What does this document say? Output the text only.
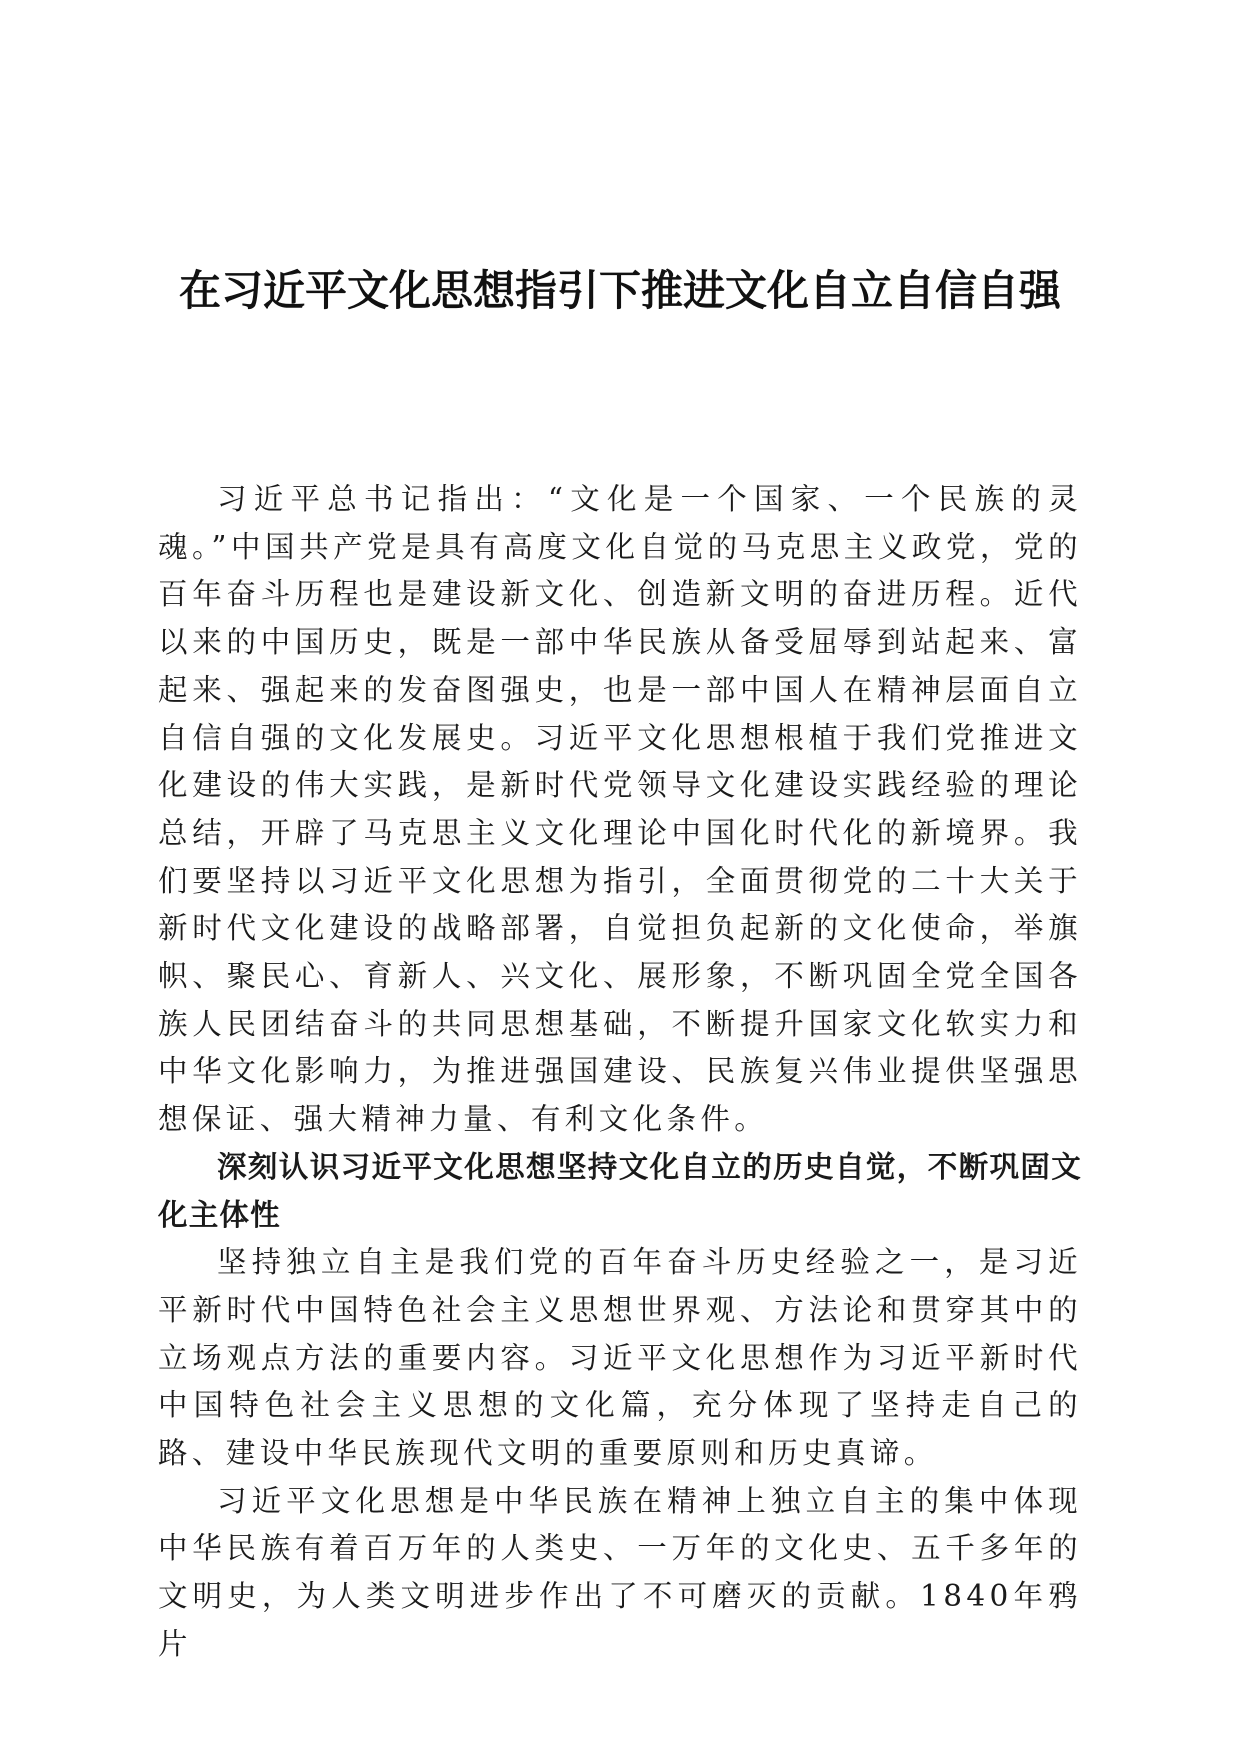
在习近平文化思想指引下推进文化自立自信自强

习近平总书记指出：“文化是一个国家、一个民族的灵魂。”中国共产党是具有高度文化自觉的马克思主义政党，党的百年奋斗历程也是建设新文化、创造新文明的奋进历程。近代以来的中国历史，既是一部中华民族从备受屈辱到站起来、富起来、强起来的发奋图强史，也是一部中国人在精神层面自立自信自强的文化发展史。习近平文化思想根植于我们党推进文化建设的伟大实践，是新时代党领导文化建设实践经验的理论总结，开辟了马克思主义文化理论中国化时代化的新境界。我们要坚持以习近平文化思想为指引，全面贯彻党的二十大关于新时代文化建设的战略部署，自觉担负起新的文化使命，举旗帜、聚民心、育新人、兴文化、展形象，不断巩固全党全国各族人民团结奋斗的共同思想基础，不断提升国家文化软实力和中华文化影响力，为推进强国建设、民族复兴伟业提供坚强思想保证、强大精神力量、有利文化条件。

深刻认识习近平文化思想坚持文化自立的历史自觉，不断巩固文化主体性

坚持独立自主是我们党的百年奋斗历史经验之一，是习近平新时代中国特色社会主义思想世界观、方法论和贯穿其中的立场观点方法的重要内容。习近平文化思想作为习近平新时代中国特色社会主义思想的文化篇，充分体现了坚持走自己的路、建设中华民族现代文明的重要原则和历史真谛。

习近平文化思想是中华民族在精神上独立自主的集中体现中华民族有着百万年的人类史、一万年的文化史、五千多年的文明史，为人类文明进步作出了不可磨灭的贡献。1840年鸦片
